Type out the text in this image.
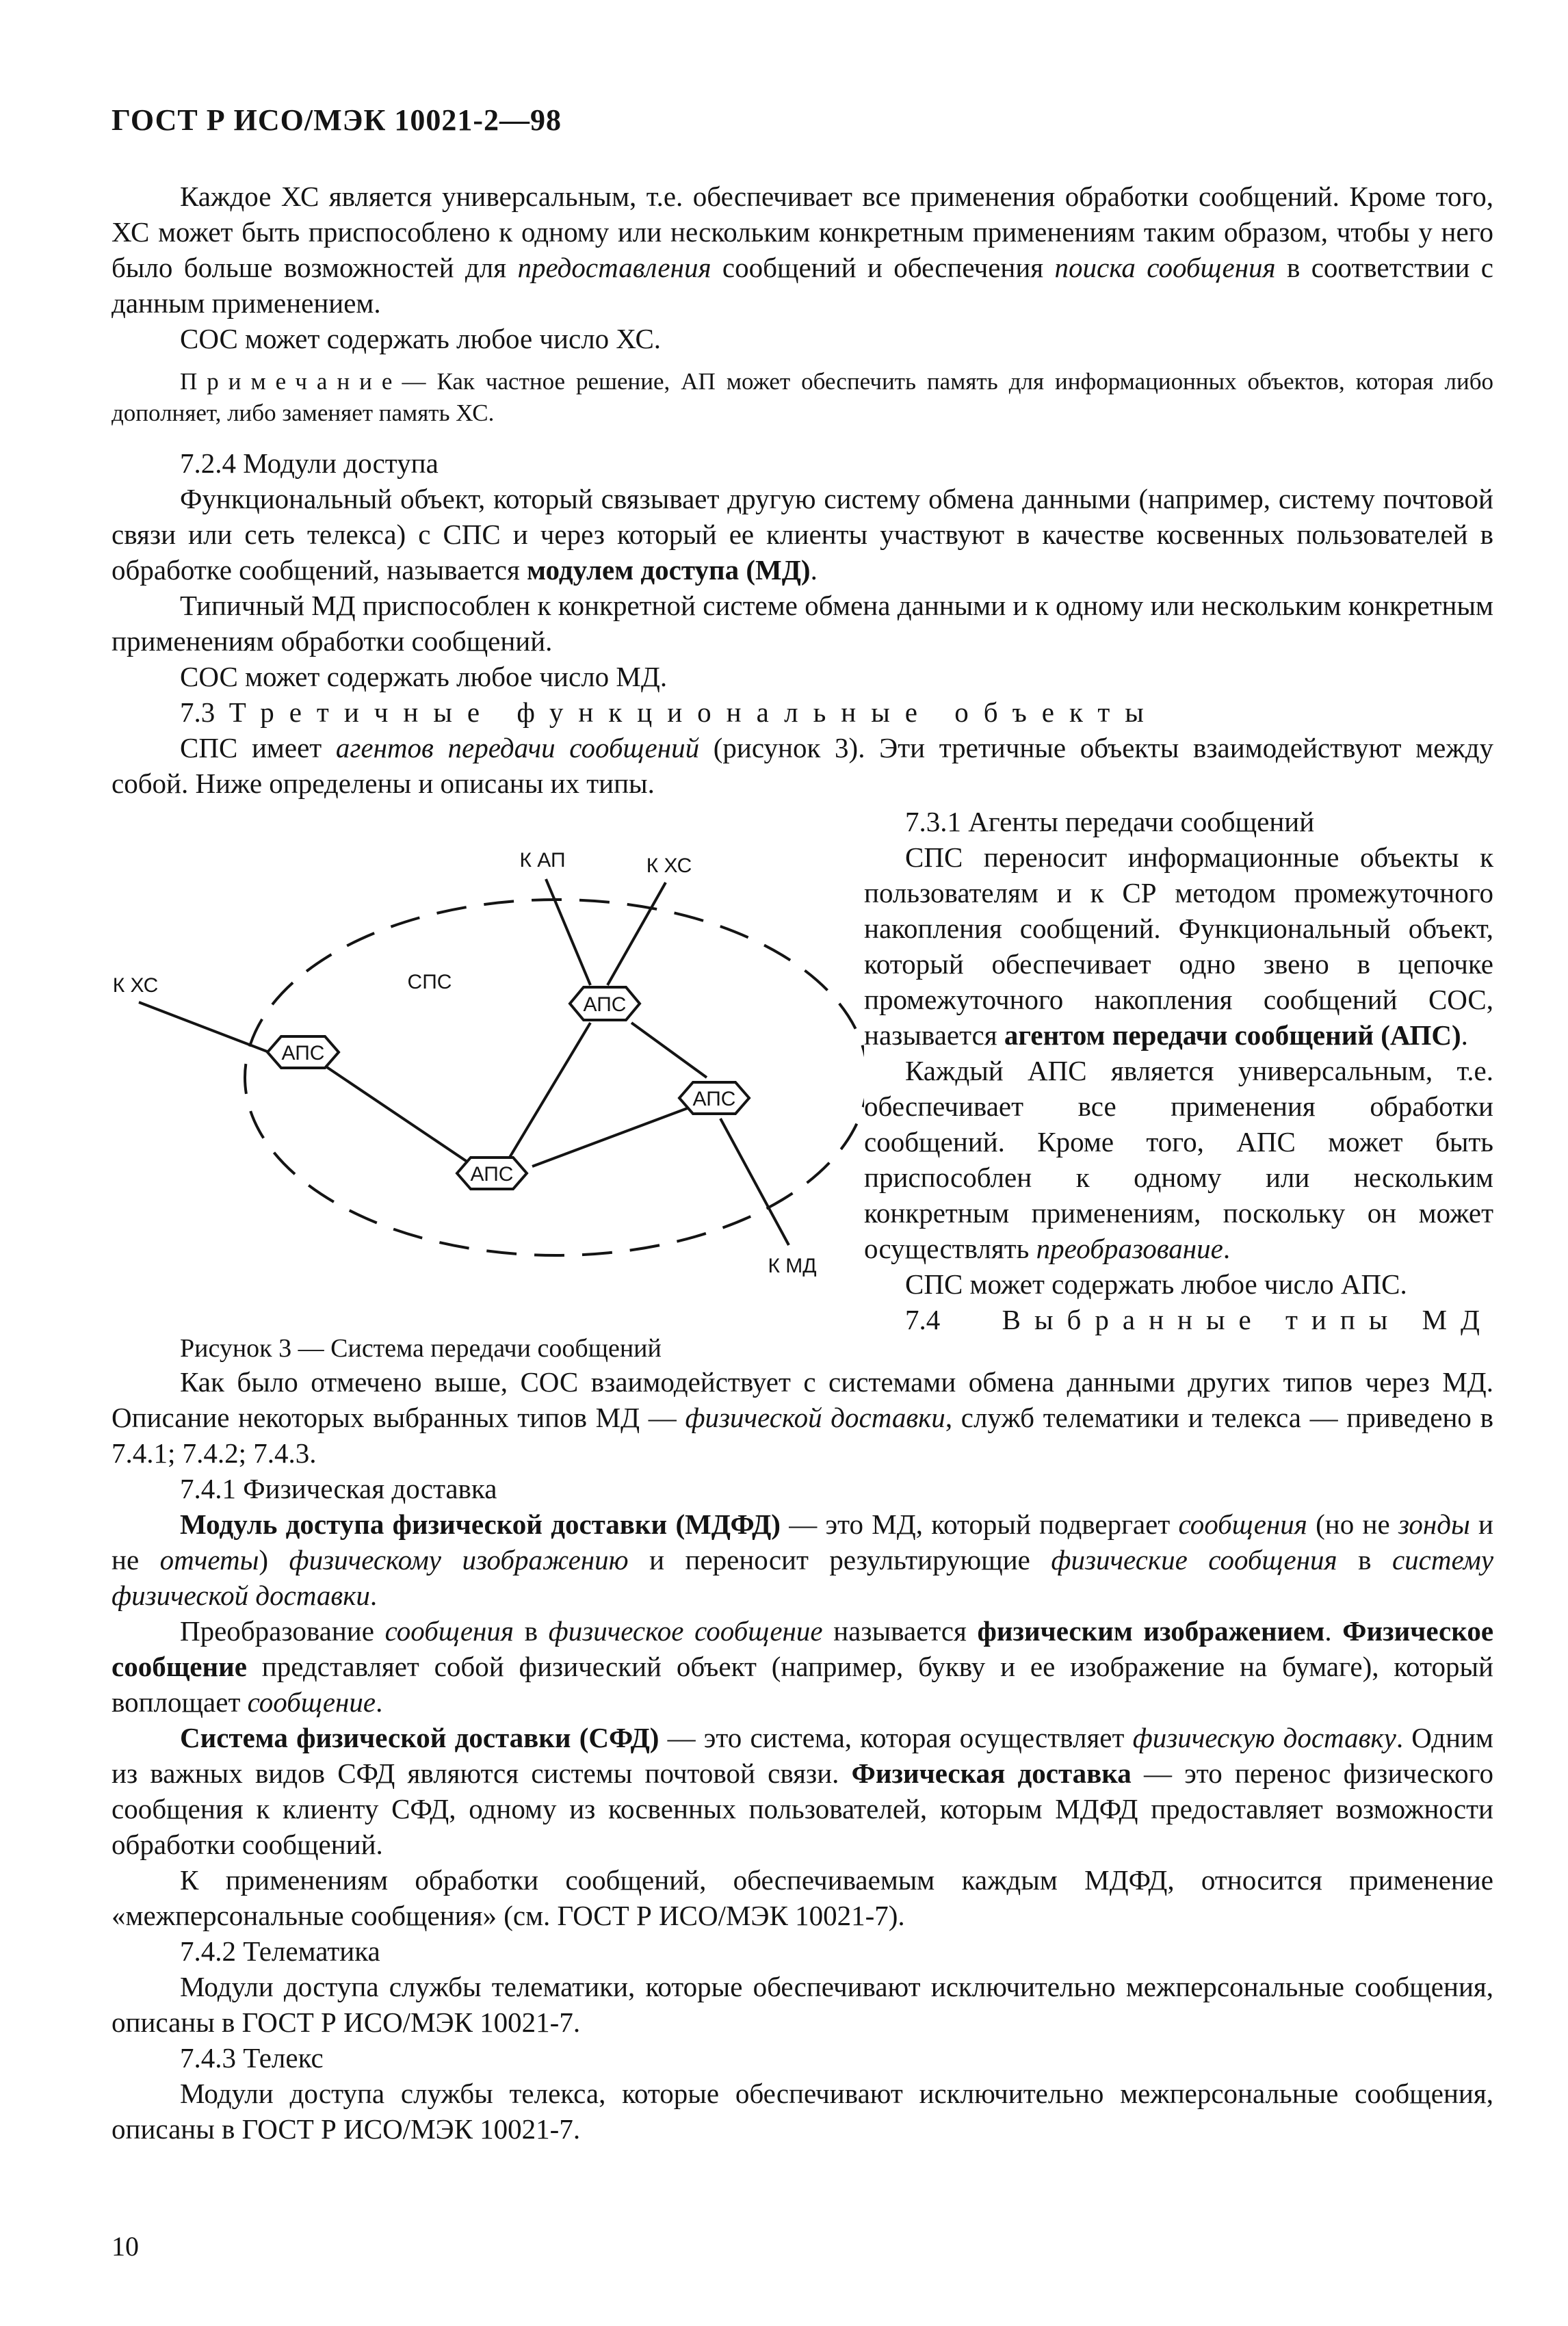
ГОСТ Р ИСО/МЭК 10021-2—98

Каждое ХС является универсальным, т.е. обеспечивает все применения обработки сообщений. Кроме того, ХС может быть приспособлено к одному или нескольким конкретным применениям таким образом, чтобы у него было больше возможностей для предоставления сообщений и обеспечения поиска сообщения в соответствии с данным применением.

СОС может содержать любое число ХС.

Примечание— Как частное решение, АП может обеспечить память для информационных объектов, которая либо дополняет, либо заменяет память ХС.

7.2.4 Модули доступа

Функциональный объект, который связывает другую систему обмена данными (например, систему почтовой связи или сеть телекса) с СПС и через который ее клиенты участвуют в качестве косвенных пользователей в обработке сообщений, называется модулем доступа (МД).

Типичный МД приспособлен к конкретной системе обмена данными и к одному или нескольким конкретным применениям обработки сообщений.

СОС может содержать любое число МД.

7.3 Третичные функциональные объекты

СПС имеет агентов передачи сообщений (рисунок 3). Эти третичные объекты взаимодействуют между собой. Ниже определены и описаны их типы.

АПС
АПС
АПС
АПС
К АП	К ХС
К ХС	СПС
К МД
Рисунок 3 — Система передачи сообщений
7.3.1 Агенты передачи сообщений

СПС переносит информационные объекты к пользователям и к СР методом промежуточного накопления сообщений. Функциональный объект, который обеспечивает одно звено в цепочке промежуточного накопления сообщений СОС, называется агентом передачи сообщений (АПС).

Каждый АПС является универсальным, т.е. обеспечивает все применения обработки сообщений. Кроме того, АПС может быть приспособлен к одному или нескольким конкретным применениям, поскольку он может осуществлять преобразование.

СПС может содержать любое число АПС.

7.4 Выбранные типы МД

Как было отмечено выше, СОС взаимодействует с системами обмена данными других типов через МД. Описание некоторых выбранных типов МД — физической доставки, служб телематики и телекса — приведено в 7.4.1; 7.4.2; 7.4.3.

7.4.1 Физическая доставка

Модуль доступа физической доставки (МДФД) — это МД, который подвергает сообщения (но не зонды и не отчеты) физическому изображению и переносит результирующие физические сообщения в систему физической доставки.

Преобразование сообщения в физическое сообщение называется физическим изображением. Физическое сообщение представляет собой физический объект (например, букву и ее изображение на бумаге), который воплощает сообщение.

Система физической доставки (СФД) — это система, которая осуществляет физическую доставку. Одним из важных видов СФД являются системы почтовой связи. Физическая доставка — это перенос физического сообщения к клиенту СФД, одному из косвенных пользователей, которым МДФД предоставляет возможности обработки сообщений.

К применениям обработки сообщений, обеспечиваемым каждым МДФД, относится применение «межперсональные сообщения» (см. ГОСТ Р ИСО/МЭК 10021-7).

7.4.2 Телематика

Модули доступа службы телематики, которые обеспечивают исключительно межперсональные сообщения, описаны в ГОСТ Р ИСО/МЭК 10021-7.

7.4.3 Телекс

Модули доступа службы телекса, которые обеспечивают исключительно межперсональные сообщения, описаны в ГОСТ Р ИСО/МЭК 10021-7.

10
